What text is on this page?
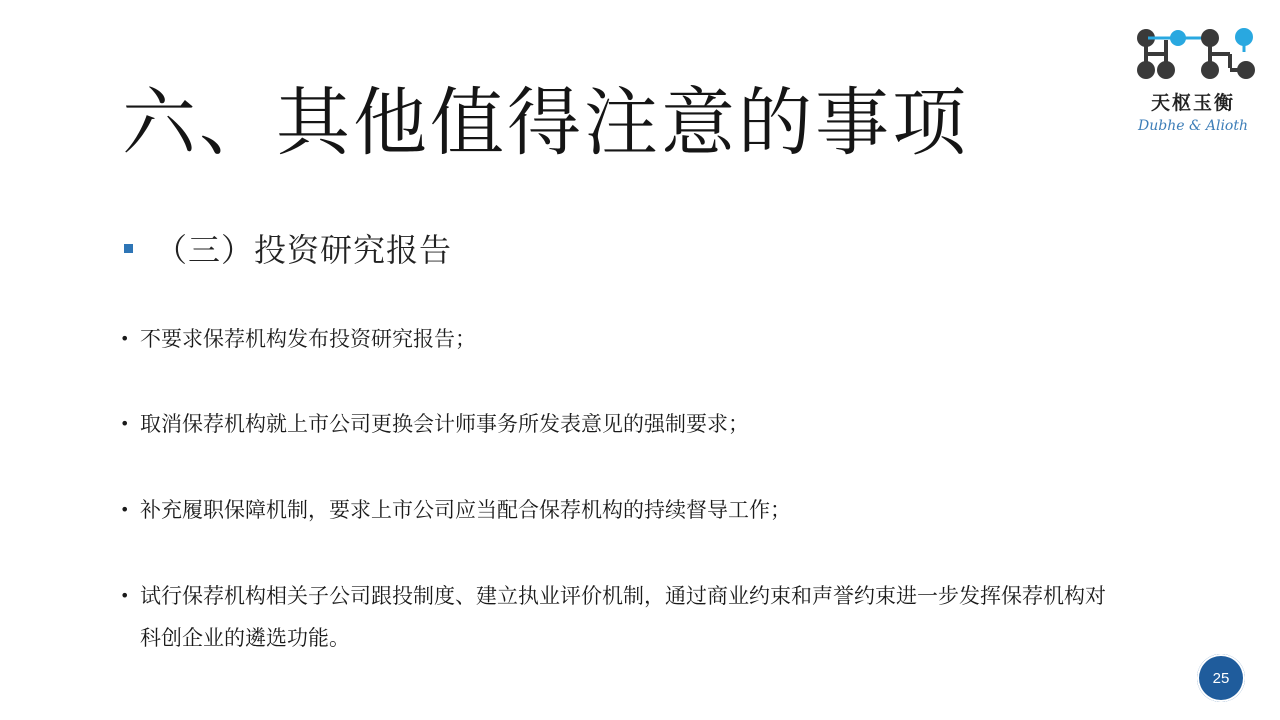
六、其他值得注意的事项	天枢玉衡
Dubhe & Alioth
（三）投资研究报告
• 不要求保荐机构发布投资研究报告；
• 取消保荐机构就上市公司更换会计师事务所发表意见的强制要求；
• 补充履职保障机制，要求上市公司应当配合保荐机构的持续督导工作；
• 试行保荐机构相关子公司跟投制度、建立执业评价机制，通过商业约束和声誉约束进一步发挥保荐机构对科创企业的遴选功能。
25
